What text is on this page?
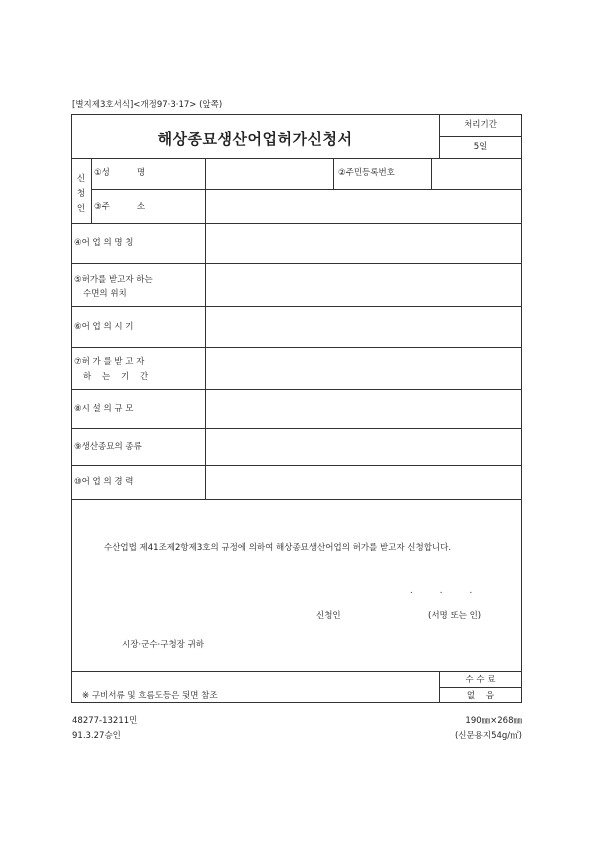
[별지제3호서식]<개정97·3·17> (앞쪽)
해상종묘생산어업허가신청서
처리기간
5일
신
청
인
①성          명	②주민등록번호
③주          소
④어 업 의 명 칭
⑤허가를 받고자 하는
수면의 위치
⑥어 업 의 시 기
⑦허 가 를 받 고 자
하    는    기    간
⑧시 설 의 규 모
⑨생산종묘의 종류
⑩어 업 의 경 력
수산업법 제41조제2항제3호의 규정에 의하여 해상종묘생산어업의 허가를 받고자 신청합니다.
.          .          .
신청인	(서명 또는 인)
시장·군수·구청장 귀하
※ 구비서류 및 흐름도등은 뒷면 참조
수 수 료
없    음
48277-13211민
91.3.27승인
190㎜×268㎜
(신문용지54g/㎡)
